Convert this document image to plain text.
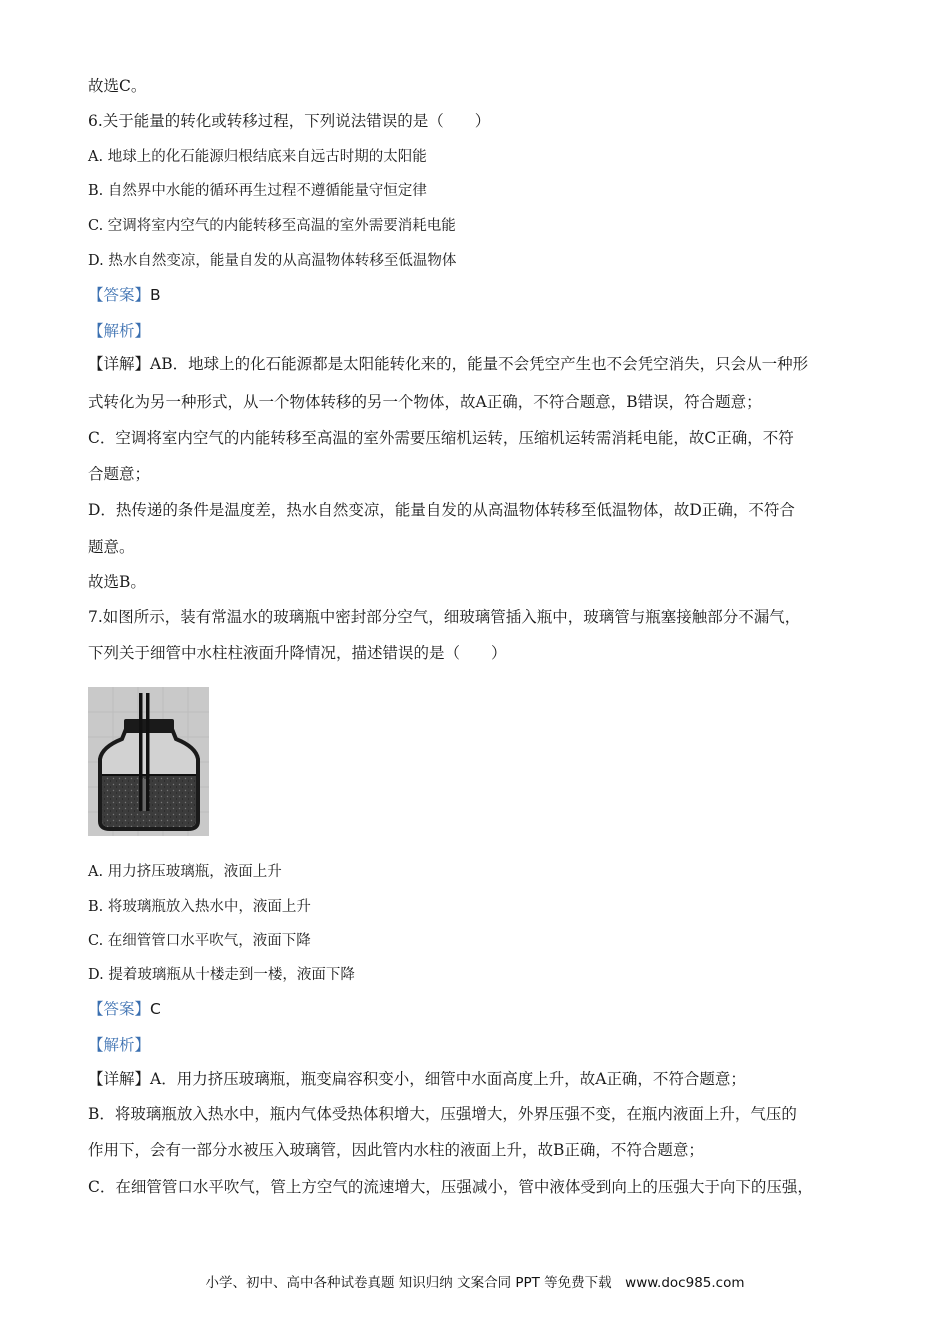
故选C。
6.关于能量的转化或转移过程，下列说法错误的是（　　）
A. 地球上的化石能源归根结底来自远古时期的太阳能
B. 自然界中水能的循环再生过程不遵循能量守恒定律
C. 空调将室内空气的内能转移至高温的室外需要消耗电能
D. 热水自然变凉，能量自发的从高温物体转移至低温物体
【答案】B
【解析】
【详解】AB．地球上的化石能源都是太阳能转化来的，能量不会凭空产生也不会凭空消失，只会从一种形
式转化为另一种形式，从一个物体转移的另一个物体，故A正确，不符合题意，B错误，符合题意；
C．空调将室内空气的内能转移至高温的室外需要压缩机运转，压缩机运转需消耗电能，故C正确，不符
合题意；
D．热传递的条件是温度差，热水自然变凉，能量自发的从高温物体转移至低温物体，故D正确，不符合
题意。
故选B。
7.如图所示，装有常温水的玻璃瓶中密封部分空气，细玻璃管插入瓶中，玻璃管与瓶塞接触部分不漏气，
下列关于细管中水柱柱液面升降情况，描述错误的是（　　）
A. 用力挤压玻璃瓶，液面上升
B. 将玻璃瓶放入热水中，液面上升
C. 在细管管口水平吹气，液面下降
D. 提着玻璃瓶从十楼走到一楼，液面下降
【答案】C
【解析】
【详解】A．用力挤压玻璃瓶，瓶变扁容积变小，细管中水面高度上升，故A正确，不符合题意；
B．将玻璃瓶放入热水中，瓶内气体受热体积增大，压强增大，外界压强不变，在瓶内液面上升，气压的
作用下，会有一部分水被压入玻璃管，因此管内水柱的液面上升，故B正确，不符合题意；
C．在细管管口水平吹气，管上方空气的流速增大，压强减小，管中液体受到向上的压强大于向下的压强，
小学、初中、高中各种试卷真题 知识归纳 文案合同 PPT 等免费下载　www.doc985.com
